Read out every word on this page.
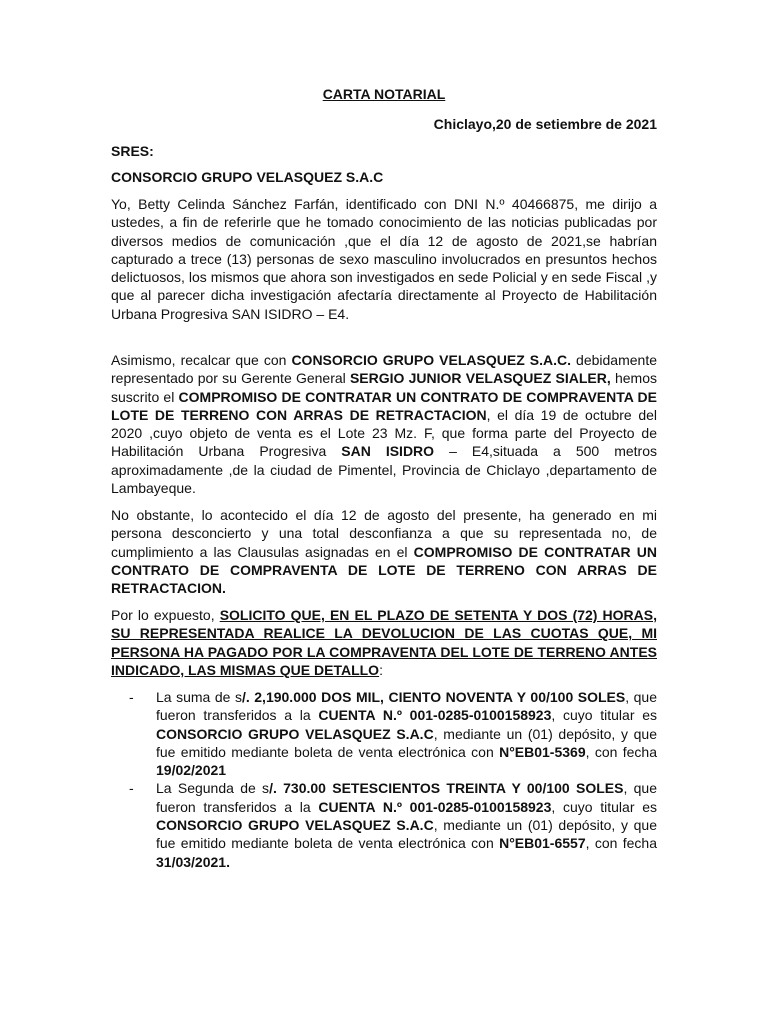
CARTA NOTARIAL
Chiclayo,20 de setiembre de 2021
SRES:
CONSORCIO GRUPO VELASQUEZ S.A.C
Yo, Betty Celinda Sánchez Farfán, identificado con DNI N.º 40466875, me dirijo a ustedes, a fin de referirle que he tomado conocimiento de las noticias publicadas por diversos medios de comunicación ,que el día 12 de agosto de 2021,se habrían capturado a trece (13) personas de sexo masculino involucrados en presuntos hechos delictuosos, los mismos que ahora son investigados en sede Policial y en sede Fiscal ,y que al parecer dicha investigación afectaría directamente al Proyecto de Habilitación Urbana Progresiva SAN ISIDRO – E4.
Asimismo, recalcar que con CONSORCIO GRUPO VELASQUEZ S.A.C. debidamente representado por su Gerente General SERGIO JUNIOR VELASQUEZ SIALER, hemos suscrito el COMPROMISO DE CONTRATAR UN CONTRATO DE COMPRAVENTA DE LOTE DE TERRENO CON ARRAS DE RETRACTACION, el día 19 de octubre del 2020 ,cuyo objeto de venta es el Lote 23 Mz. F, que forma parte del Proyecto de Habilitación Urbana Progresiva SAN ISIDRO – E4,situada a 500 metros aproximadamente ,de la ciudad de Pimentel, Provincia de Chiclayo ,departamento de Lambayeque.
No obstante, lo acontecido el día 12 de agosto del presente, ha generado en mi persona desconcierto y una total desconfianza a que su representada no, de cumplimiento a las Clausulas asignadas en el COMPROMISO DE CONTRATAR UN CONTRATO DE COMPRAVENTA DE LOTE DE TERRENO CON ARRAS DE RETRACTACION.
Por lo expuesto, SOLICITO QUE, EN EL PLAZO DE SETENTA Y DOS (72) HORAS, SU REPRESENTADA REALICE LA DEVOLUCION DE LAS CUOTAS QUE, MI PERSONA HA PAGADO POR LA COMPRAVENTA DEL LOTE DE TERRENO ANTES INDICADO, LAS MISMAS QUE DETALLO:
- La suma de s/. 2,190.000 DOS MIL, CIENTO NOVENTA Y 00/100 SOLES, que fueron transferidos a la CUENTA N.º 001-0285-0100158923, cuyo titular es CONSORCIO GRUPO VELASQUEZ S.A.C, mediante un (01) depósito, y que fue emitido mediante boleta de venta electrónica con N°EB01-5369, con fecha 19/02/2021
- La Segunda de s/. 730.00 SETESCIENTOS TREINTA Y 00/100 SOLES, que fueron transferidos a la CUENTA N.º 001-0285-0100158923, cuyo titular es CONSORCIO GRUPO VELASQUEZ S.A.C, mediante un (01) depósito, y que fue emitido mediante boleta de venta electrónica con N°EB01-6557, con fecha 31/03/2021.
